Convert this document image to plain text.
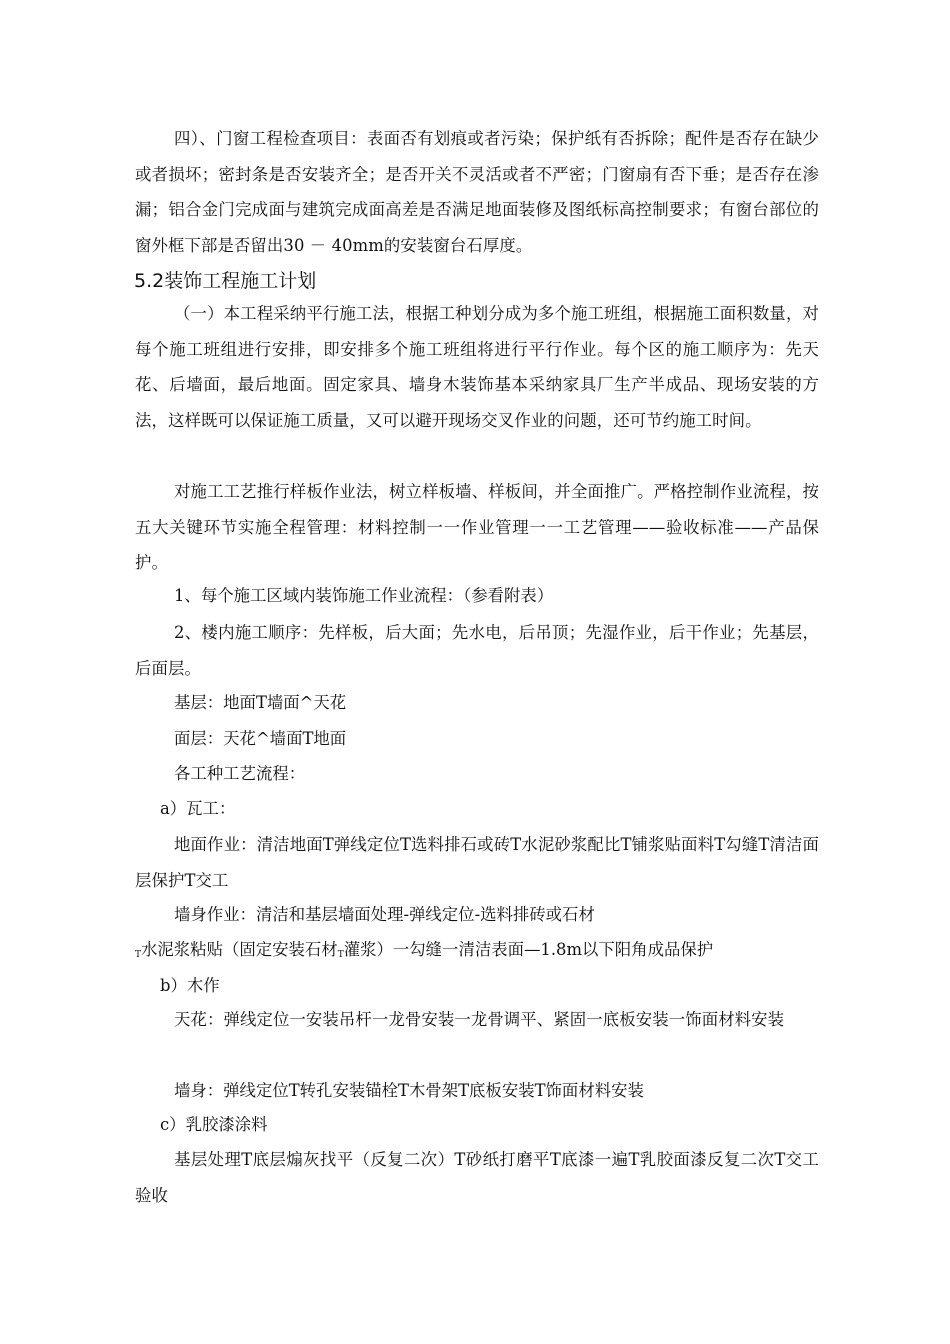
四）、门窗工程检查项目：表面否有划痕或者污染；保护纸有否拆除；配件是否存在缺少或者损坏；密封条是否安装齐全；是否开关不灵活或者不严密；门窗扇有否下垂；是否存在渗漏；铝合金门完成面与建筑完成面高差是否满足地面装修及图纸标高控制要求；有窗台部位的窗外框下部是否留出30 － 40mm的安装窗台石厚度。

5.2装饰工程施工计划

（一）本工程采纳平行施工法，根据工种划分成为多个施工班组，根据施工面积数量，对每个施工班组进行安排，即安排多个施工班组将进行平行作业。每个区的施工顺序为：先天花、后墙面，最后地面。固定家具、墙身木装饰基本采纳家具厂生产半成品、现场安装的方法，这样既可以保证施工质量，又可以避开现场交叉作业的问题，还可节约施工时间。

对施工工艺推行样板作业法，树立样板墙、样板间，并全面推广。严格控制作业流程，按五大关键环节实施全程管理：材料控制一一作业管理一一工艺管理——验收标准——产品保护。

1、每个施工区域内装饰施工作业流程：（参看附表）

2、楼内施工顺序：先样板，后大面；先水电，后吊顶；先湿作业，后干作业；先基层，后面层。

基层：地面T墙面^天花

面层：天花^墙面T地面

各工种工艺流程：

a）瓦工：

地面作业：清洁地面T弹线定位T选料排石或砖T水泥砂浆配比T铺浆贴面料T勾缝T清洁面层保护T交工

墙身作业：清洁和基层墙面处理-弹线定位-选料排砖或石材

T水泥浆粘贴（固定安装石材T灌浆）一勾缝一清洁表面—1.8m以下阳角成品保护

b）木作

天花：弹线定位一安装吊杆一龙骨安装一龙骨调平、紧固一底板安装一饰面材料安装

墙身：弹线定位T转孔安装锚栓T木骨架T底板安装T饰面材料安装

c）乳胶漆涂料

基层处理T底层煽灰找平（反复二次）T砂纸打磨平T底漆一遍T乳胶面漆反复二次T交工验收
